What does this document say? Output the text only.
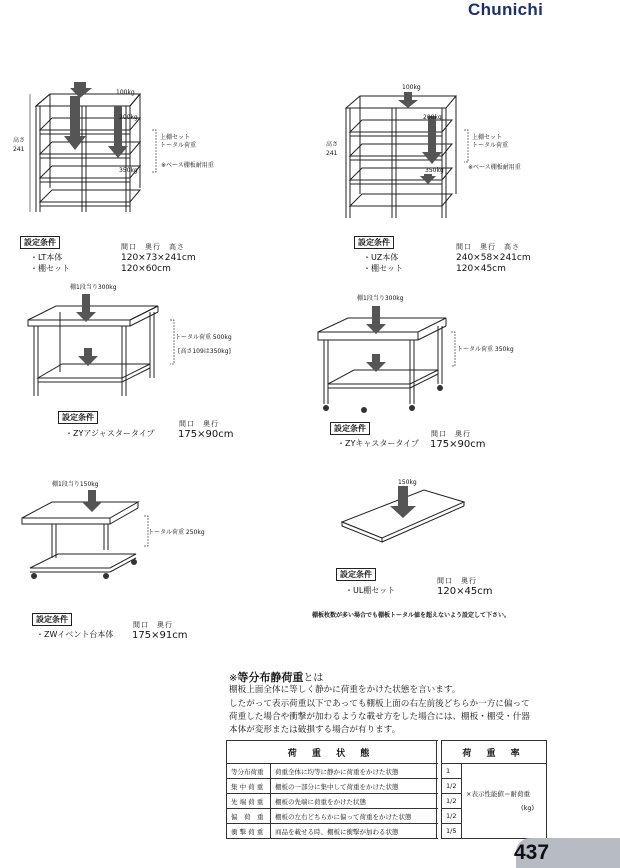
Chunichi
高さ
241
100kg
200kg
350kg
上棚セット
トータル荷重
※ベース棚板耐用重
設定条件
・LT本体
・棚セット
間口　奥行　高さ
120×73×241cm
120×60cm
高さ
241
100kg
200kg
350kg
上棚セット
トータル荷重
※ベース棚板耐用重
設定条件
・UZ本体
・棚セット
間口　奥行　高さ
240×58×241cm
120×45cm
棚1段当り300kg
トータル荷重 500kg
[高さ109は350kg]
設定条件
・ZYアジャスタータイプ
間口　奥行
175×90cm
棚1段当り300kg
トータル荷重 350kg
設定条件
・ZYキャスタータイプ
間口　奥行
175×90cm
棚1段当り150kg
トータル荷重 250kg
設定条件
・ZWイベント台本体
間口　奥行
175×91cm
150kg
設定条件
・UL棚セット
間口　奥行
120×45cm
棚板枚数が多い場合でも棚板トータル値を超えないよう設定して下さい。
※等分布静荷重とは
棚板上面全体に等しく静かに荷重をかけた状態を言います。
したがって表示荷重以下であっても棚板上面の右左前後どちらか一方に偏って
荷重した場合や衝撃が加わるような載せ方をした場合には、棚板・棚受・什器
本体が変形または破損する場合が有ります。
荷 重 状 態			荷 重 率	
等分布荷重	荷重全体に均等に静かに荷重をかけた状態		1	×表示性能値＝耐荷重
(kg)

集 中 荷 重	棚板の一部分に集中して荷重をかけた状態		1/2	
先 端 荷 重	棚板の先端に荷重をかけた状態		1/2	
偏　荷　重	棚板の左右どちらかに偏って荷重をかけた状態		1/2	
衝 撃 荷 重	商品を載せる時、棚板に衝撃が加わる状態		1/5	
437
